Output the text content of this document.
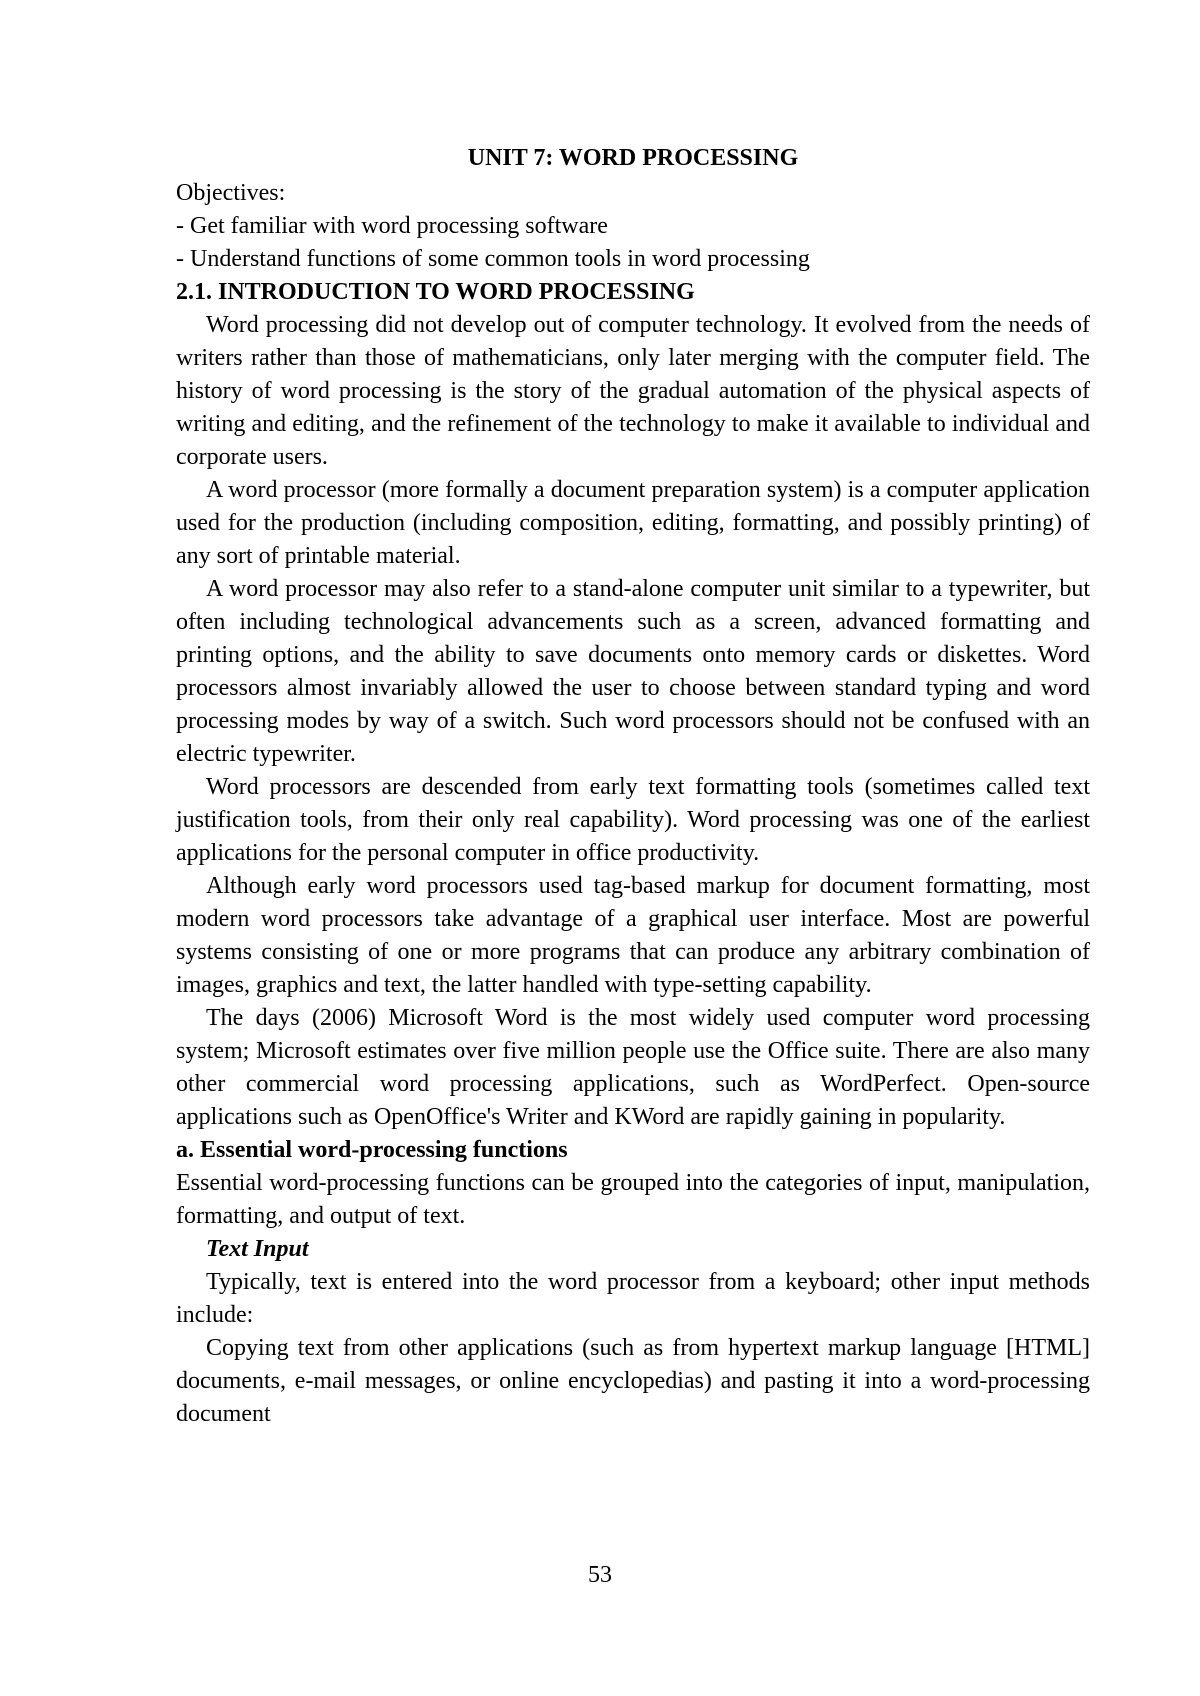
UNIT 7: WORD PROCESSING

Objectives:

- Get familiar with word processing software

- Understand functions of some common tools in word processing

2.1. INTRODUCTION TO WORD PROCESSING

Word processing did not develop out of computer technology. It evolved from the needs of writers rather than those of mathematicians, only later merging with the computer field. The history of word processing is the story of the gradual automation of the physical aspects of writing and editing, and the refinement of the technology to make it available to individual and corporate users.

A word processor (more formally a document preparation system) is a computer application used for the production (including composition, editing, formatting, and possibly printing) of any sort of printable material.

A word processor may also refer to a stand-alone computer unit similar to a typewriter, but often including technological advancements such as a screen, advanced formatting and printing options, and the ability to save documents onto memory cards or diskettes. Word processors almost invariably allowed the user to choose between standard typing and word processing modes by way of a switch. Such word processors should not be confused with an electric typewriter.

Word processors are descended from early text formatting tools (sometimes called text justification tools, from their only real capability). Word processing was one of the earliest applications for the personal computer in office productivity.

Although early word processors used tag-based markup for document formatting, most modern word processors take advantage of a graphical user interface. Most are powerful systems consisting of one or more programs that can produce any arbitrary combination of images, graphics and text, the latter handled with type-setting capability.

The days (2006) Microsoft Word is the most widely used computer word processing system; Microsoft estimates over five million people use the Office suite. There are also many other commercial word processing applications, such as WordPerfect. Open-source applications such as OpenOffice's Writer and KWord are rapidly gaining in popularity.

a. Essential word-processing functions

Essential word-processing functions can be grouped into the categories of input, manipulation, formatting, and output of text.

Text Input

Typically, text is entered into the word processor from a keyboard; other input methods include:

Copying text from other applications (such as from hypertext markup language [HTML] documents, e-mail messages, or online encyclopedias) and pasting it into a word-processing document

53
